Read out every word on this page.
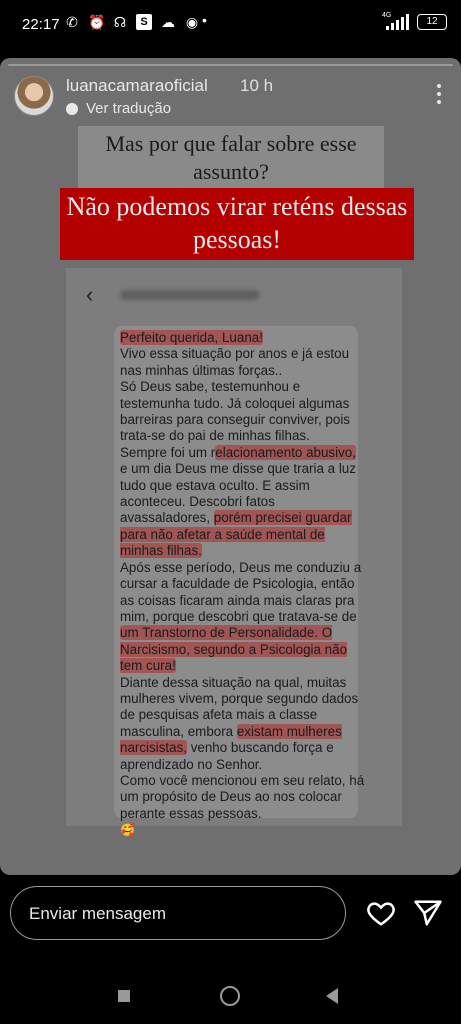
22:17 ✆ ⏰ ☊	S ☁ ◉ •	4G
12
luanacamaraoficial 10 h
Ver tradução
Mas por que falar sobre esse assunto?
Não podemos virar reténs dessas pessoas!
‹

Perfeito querida, Luana!

Vivo essa situação por anos e já estou nas minhas últimas forças..

Só Deus sabe, testemunhou e testemunha tudo. Já coloquei algumas barreiras para conseguir conviver, pois trata-se do pai de minhas filhas.

Sempre foi um relacionamento abusivo, e um dia Deus me disse que traria a luz tudo que estava oculto. E assim aconteceu. Descobri fatos avassaladores, porém precisei guardar para não afetar a saúde mental de minhas filhas.

Após esse período, Deus me conduziu a cursar a faculdade de Psicologia, então as coisas ficaram ainda mais claras pra mim, porque descobri que tratava-se de um Transtorno de Personalidade. O Narcisismo, segundo a Psicologia não tem cura!

Diante dessa situação na qual, muitas mulheres vivem, porque segundo dados de pesquisas afeta mais a classe masculina, embora existam mulheres narcisistas, venho buscando força e aprendizado no Senhor.

Como você mencionou em seu relato, há um propósito de Deus ao nos colocar perante essas pessoas.

🥰

Enviar mensagem
